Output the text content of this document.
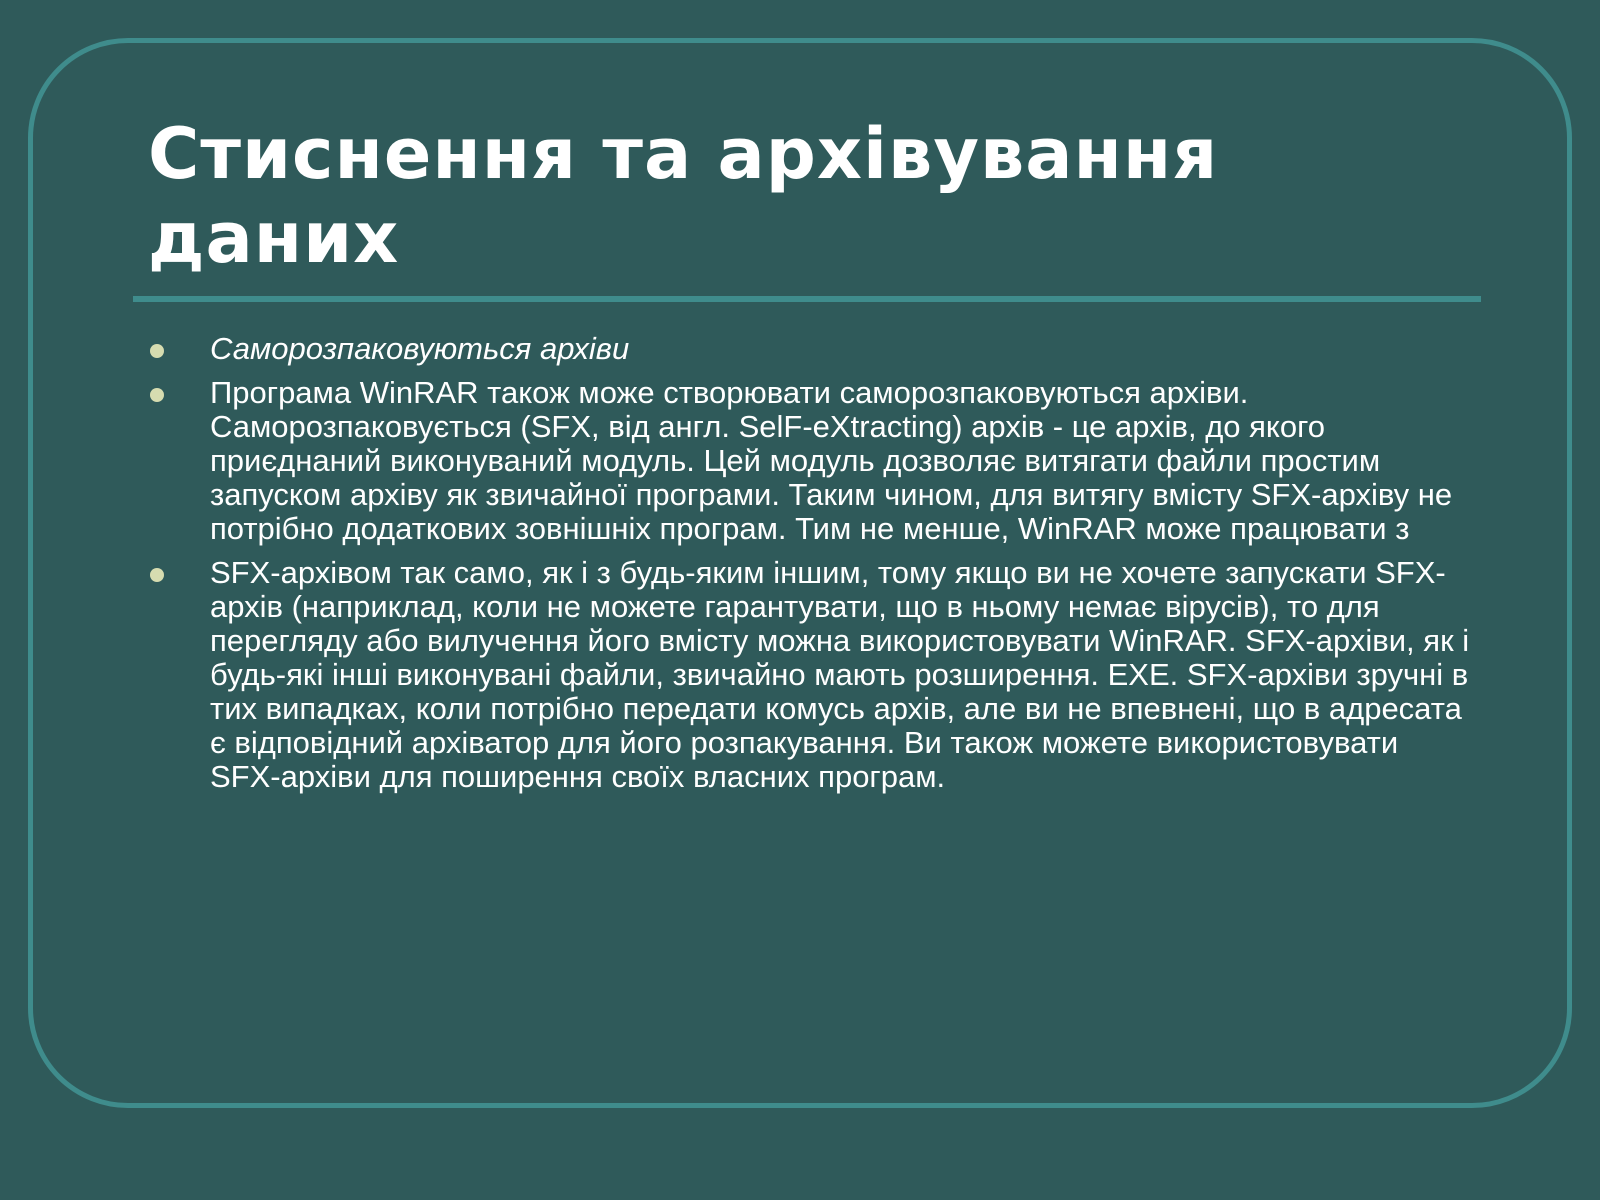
Стиснення та архівування даних
Саморозпаковуються архіви
Програма WinRAR також може створювати саморозпаковуються архіви. Саморозпаковується (SFX, від англ. SelF-eXtracting) архів - це архів, до якого приєднаний виконуваний модуль. Цей модуль дозволяє витягати файли простим запуском архіву як звичайної програми. Таким чином, для витягу вмісту SFX-архіву не потрібно додаткових зовнішніх програм. Тим не менше, WinRAR може працювати з
SFX-архівом так само, як і з будь-яким іншим, тому якщо ви не хочете запускати SFX-архів (наприклад, коли не можете гарантувати, що в ньому немає вірусів), то для перегляду або вилучення його вмісту можна використовувати WinRAR. SFX-архіви, як і будь-які інші виконувані файли, звичайно мають розширення. EXE. SFX-архіви зручні в тих випадках, коли потрібно передати комусь архів, але ви не впевнені, що в адресата є відповідний архіватор для його розпакування. Ви також можете використовувати SFX-архіви для поширення своїх власних програм.
